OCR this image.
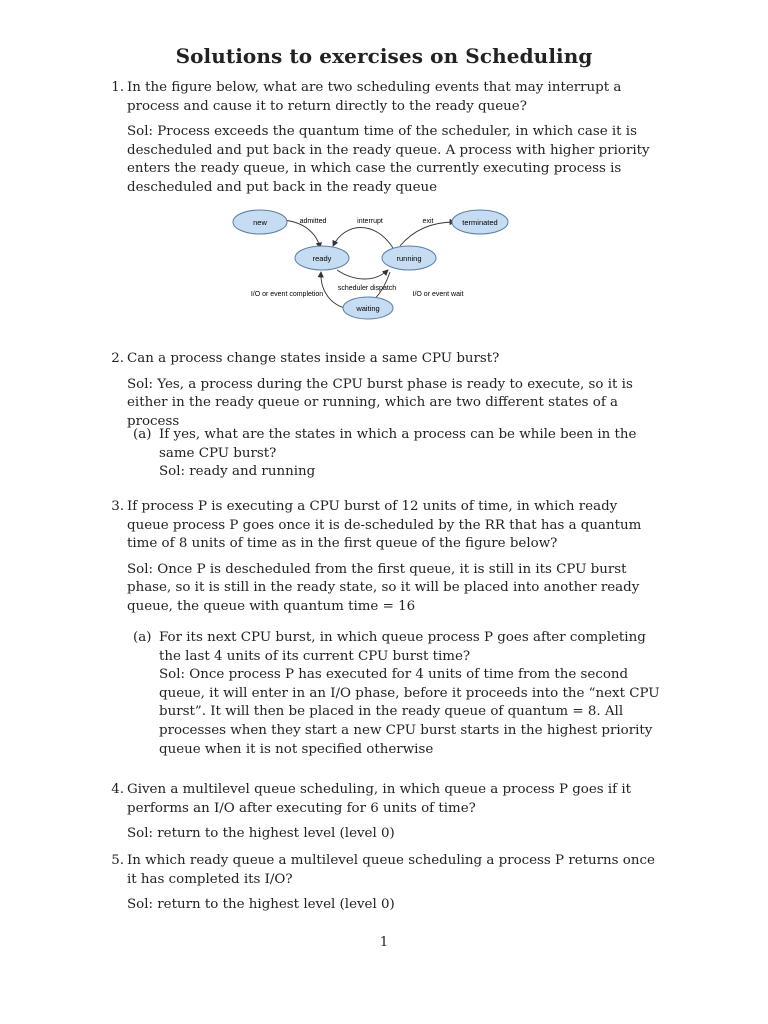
Solutions to exercises on Scheduling
1. In the figure below, what are two scheduling events that may interrupt a process and cause it to return directly to the ready queue?

Sol: Process exceeds the quantum time of the scheduler, in which case it is descheduled and put back in the ready queue. A process with higher priority enters the ready queue, in which case the currently executing process is descheduled and put back in the ready queue

new
ready	running
waiting
terminated
admitted	interrupt	exit
scheduler dispatch
I/O or event completion	I/O or event wait
2. Can a process change states inside a same CPU burst?

Sol: Yes, a process during the CPU burst phase is ready to execute, so it is either in the ready queue or running, which are two different states of a process

(a) If yes, what are the states in which a process can be while been in the same CPU burst?

Sol: ready and running

3. If process P is executing a CPU burst of 12 units of time, in which ready queue process P goes once it is de-scheduled by the RR that has a quantum time of 8 units of time as in the first queue of the figure below?

Sol: Once P is descheduled from the first queue, it is still in its CPU burst phase, so it is still in the ready state, so it will be placed into another ready queue, the queue with quantum time = 16

(a) For its next CPU burst, in which queue process P goes after completing the last 4 units of its current CPU burst time?

Sol: Once process P has executed for 4 units of time from the second queue, it will enter in an I/O phase, before it proceeds into the “next CPU burst”. It will then be placed in the ready queue of quantum = 8. All processes when they start a new CPU burst starts in the highest priority queue when it is not specified otherwise

4. Given a multilevel queue scheduling, in which queue a process P goes if it performs an I/O after executing for 6 units of time?

Sol: return to the highest level (level 0)

5. In which ready queue a multilevel queue scheduling a process P returns once it has completed its I/O?

Sol: return to the highest level (level 0)

1
